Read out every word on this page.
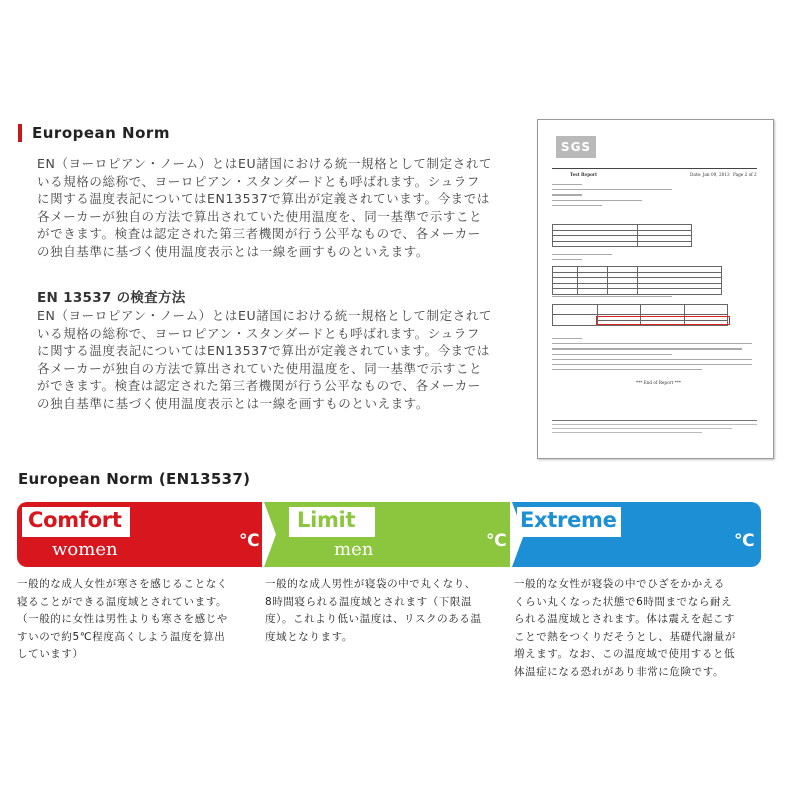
European Norm
EN（ヨーロピアン・ノーム）とはEU諸国における統一規格として制定されて
いる規格の総称で、ヨーロピアン・スタンダードとも呼ばれます。シュラフ
に関する温度表記についてはEN13537で算出が定義されています。今までは
各メーカーが独自の方法で算出されていた使用温度を、同一基準で示すこと
ができます。検査は認定された第三者機関が行う公平なもので、各メーカー
の独自基準に基づく使用温度表示とは一線を画すものといえます。
EN 13537 の検査方法
EN（ヨーロピアン・ノーム）とはEU諸国における統一規格として制定されて
いる規格の総称で、ヨーロピアン・スタンダードとも呼ばれます。シュラフ
に関する温度表記についてはEN13537で算出が定義されています。今までは
各メーカーが独自の方法で算出されていた使用温度を、同一基準で示すこと
ができます。検査は認定された第三者機関が行う公平なもので、各メーカー
の独自基準に基づく使用温度表示とは一線を画すものといえます。
SGS
Test Report	Date: Jan 09, 2013 Page 2 of 2

*** End of Report ***
European Norm (EN13537)
Comfort
women	℃
Limit
men	℃
Extreme
℃
一般的な成人女性が寒さを感じることなく
寝ることができる温度域とされています。
（一般的に女性は男性よりも寒さを感じや
すいので約5℃程度高くしよう温度を算出
しています）
一般的な成人男性が寝袋の中で丸くなり、
8時間寝られる温度域とされます（下限温
度）。これより低い温度は、リスクのある温
度域となります。
一般的な女性が寝袋の中でひざをかかえる
くらい丸くなった状態で6時間までなら耐え
られる温度域とされます。体は震えを起こす
ことで熱をつくりだそうとし、基礎代謝量が
増えます。なお、この温度域で使用すると低
体温症になる恐れがあり非常に危険です。
